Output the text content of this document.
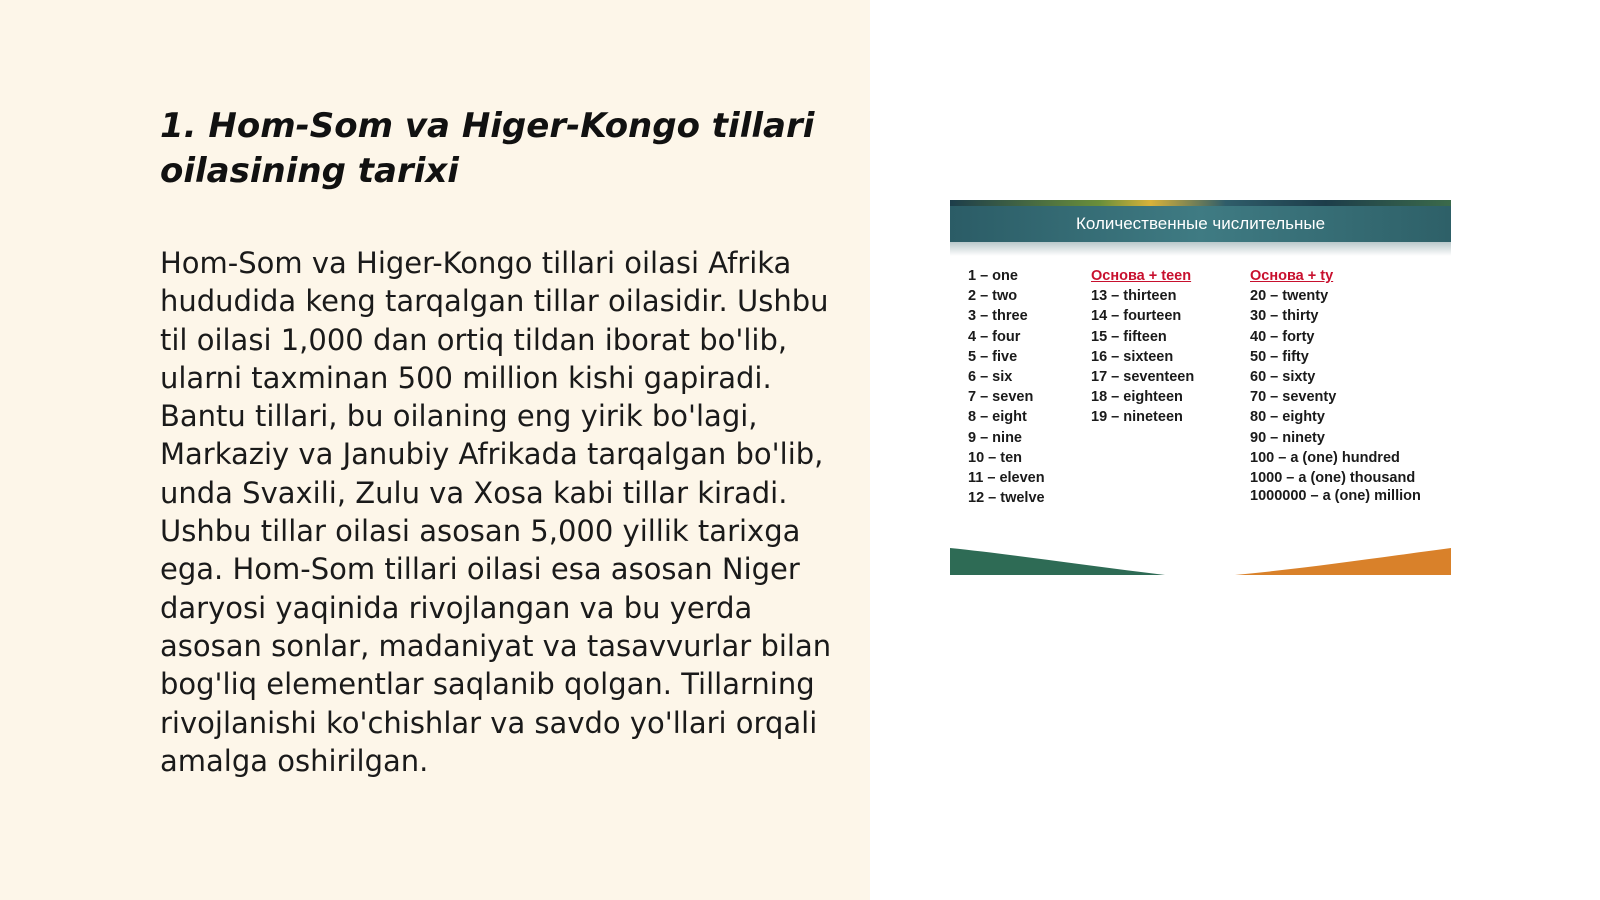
1. Hom-Som va Higer-Kongo tillari oilasining tarixi

Hom-Som va Higer-Kongo tillari oilasi Afrika hududida keng tarqalgan tillar oilasidir. Ushbu til oilasi 1,000 dan ortiq tildan iborat bo'lib, ularni taxminan 500 million kishi gapiradi. Bantu tillari, bu oilaning eng yirik bo'lagi, Markaziy va Janubiy Afrikada tarqalgan bo'lib, unda Svaxili, Zulu va Xosa kabi tillar kiradi. Ushbu tillar oilasi asosan 5,000 yillik tarixga ega. Hom-Som tillari oilasi esa asosan Niger daryosi yaqinida rivojlangan va bu yerda asosan sonlar, madaniyat va tasavvurlar bilan bog'liq elementlar saqlanib qolgan. Tillarning rivojlanishi ko'chishlar va savdo yo'llari orqali amalga oshirilgan.

Количественные числительные
1 – one
2 – two
3 – three
4 – four
5 – five
6 – six
7 – seven
8 – eight
9 – nine
10 – ten
11 – eleven
12 – twelve
Основа + teen
13 – thirteen
14 – fourteen
15 – fifteen
16 – sixteen
17 – seventeen
18 – eighteen
19 – nineteen
Основа + ty
20 – twenty
30 – thirty
40 – forty
50 – fifty
60 – sixty
70 – seventy
80 – eighty
90 – ninety
100 – a (one) hundred
1000 – a (one) thousand
1000000 – a (one) million
